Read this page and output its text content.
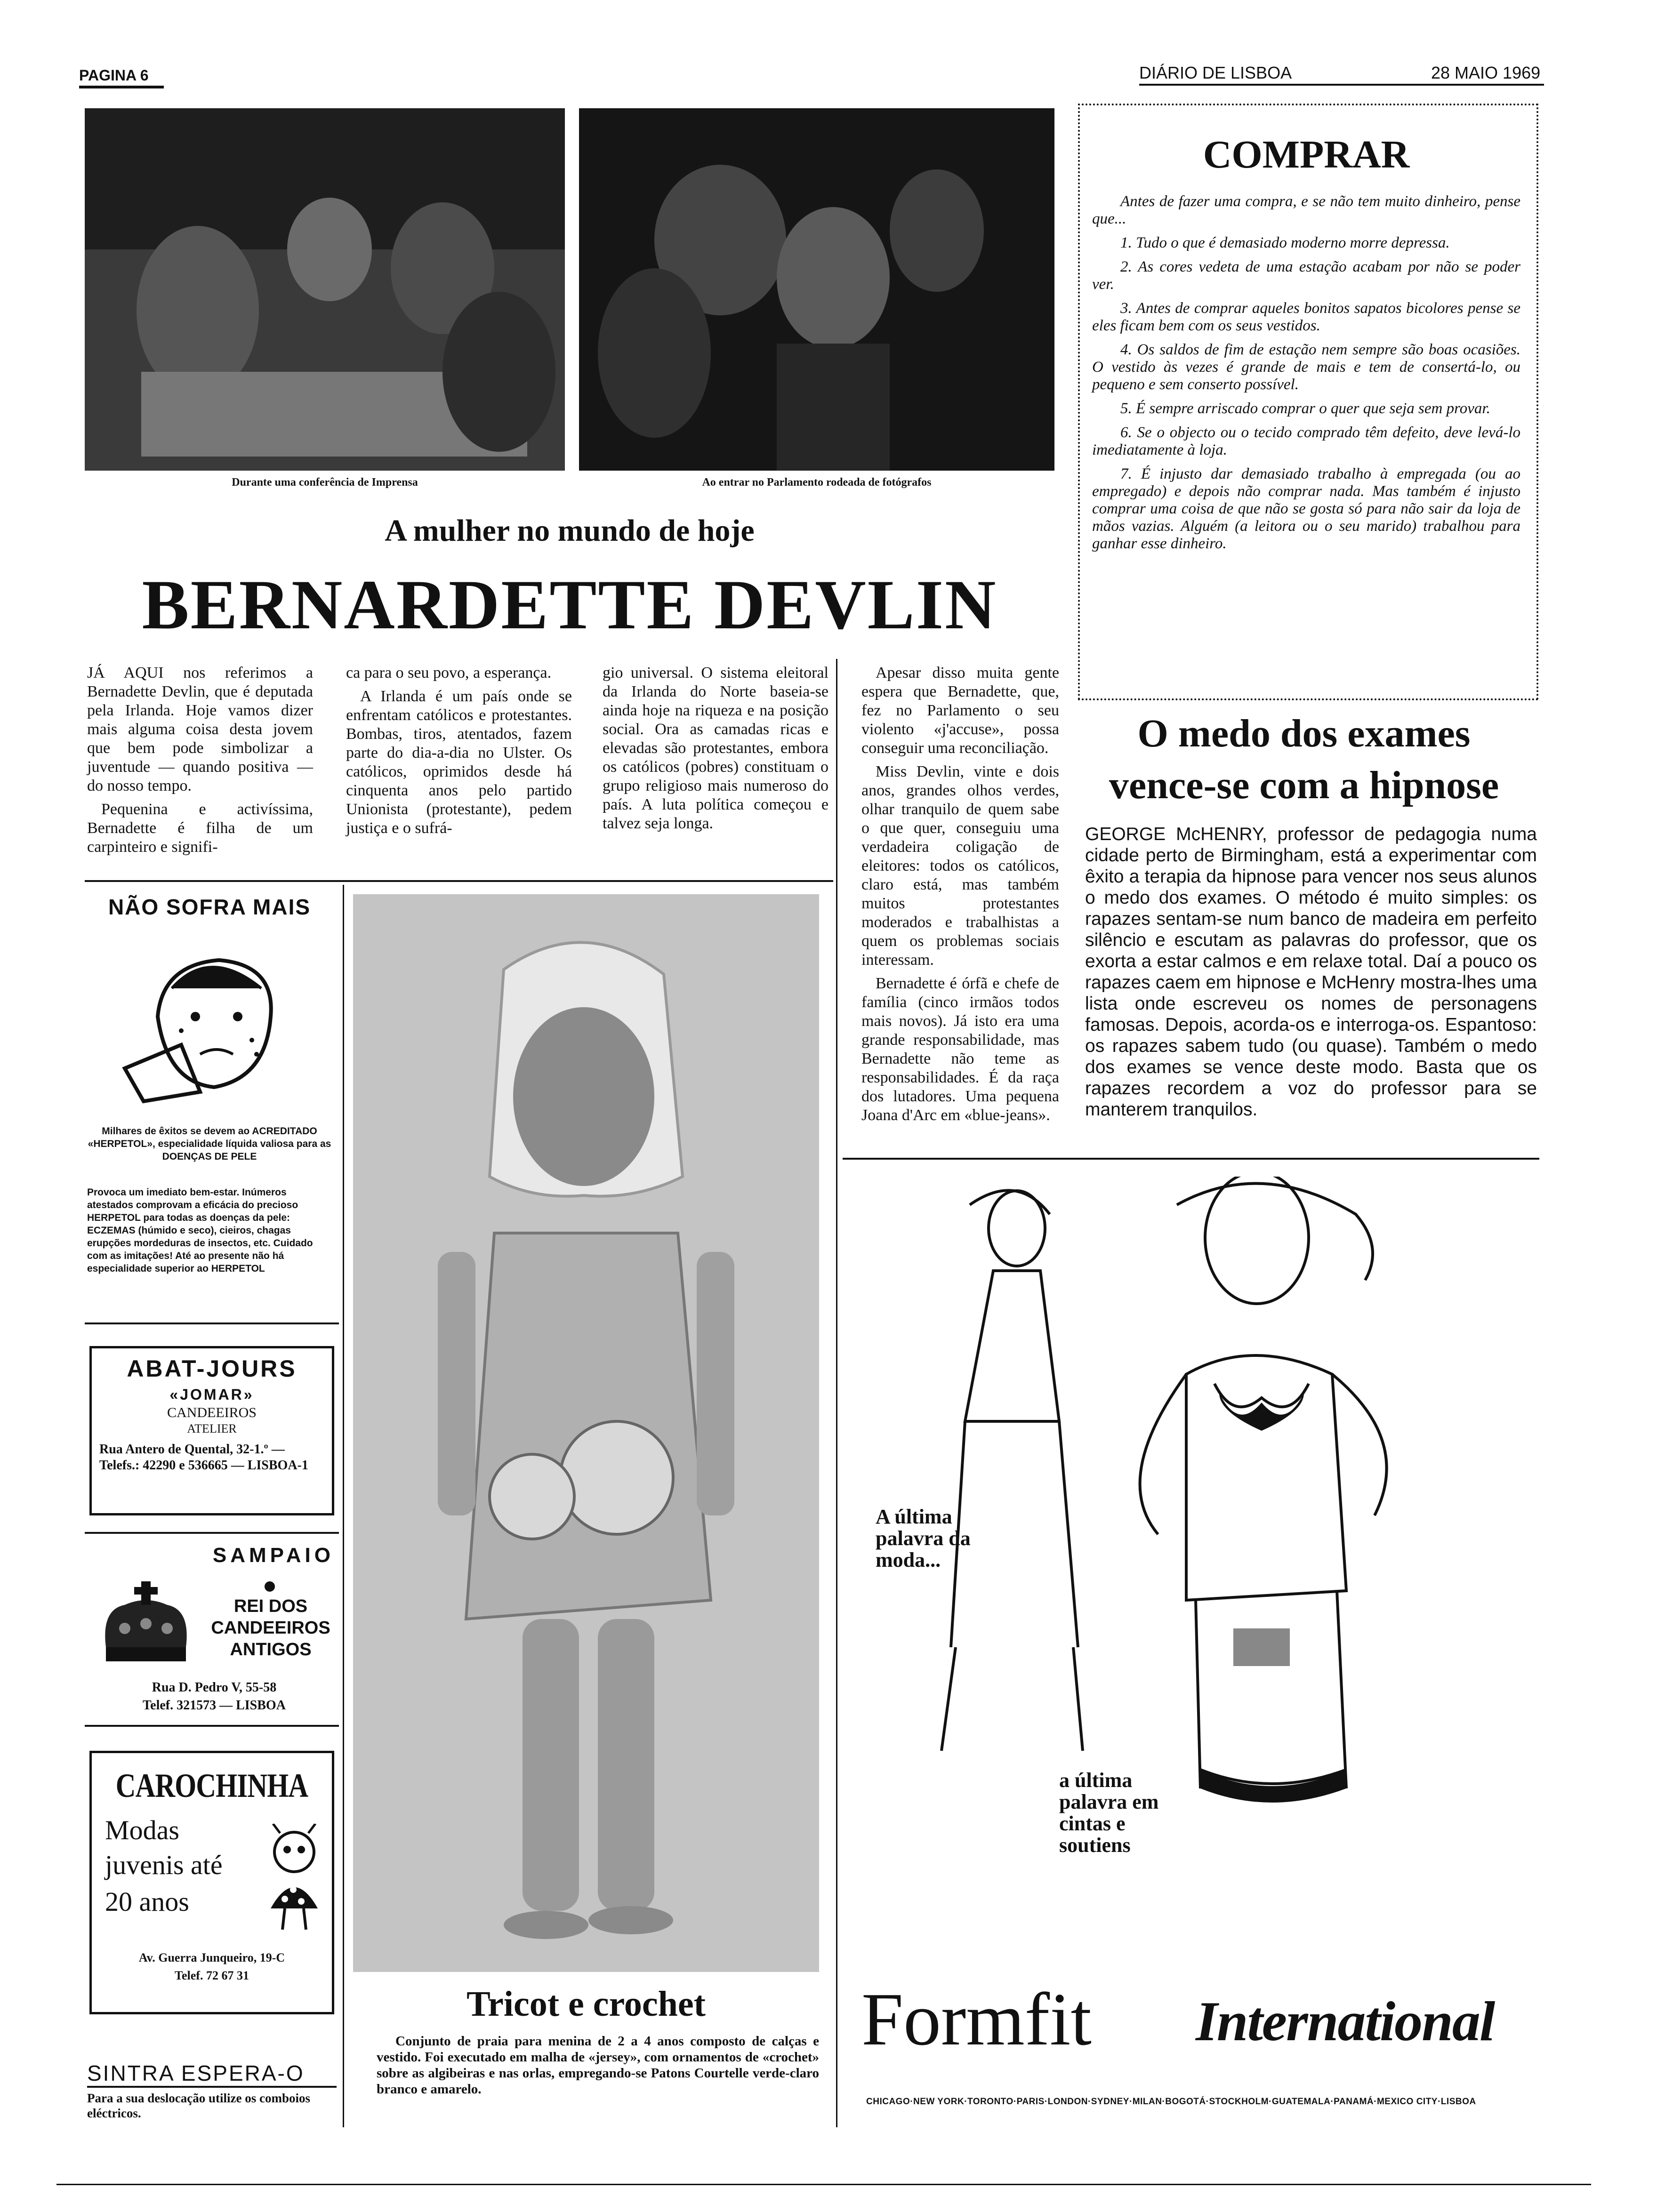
PAGINA 6	DIÁRIO DE LISBOA	28 MAIO 1969
Durante uma conferência de Imprensa	Ao entrar no Parlamento rodeada de fotógrafos
A mulher no mundo de hoje
BERNARDETTE DEVLIN

JÁ AQUI nos referimos a Bernadette Devlin, que é deputada pela Irlanda. Hoje vamos dizer mais alguma coisa desta jovem que bem pode simbolizar a juventude — quando positiva — do nosso tempo.

Pequenina e activíssima, Bernadette é filha de um carpinteiro e signifi-

ca para o seu povo, a esperança.

A Irlanda é um país onde se enfrentam católicos e protestantes. Bombas, tiros, atentados, fazem parte do dia-a-dia no Ulster. Os católicos, oprimidos desde há cinquenta anos pelo partido Unionista (protestante), pedem justiça e o sufrá-

gio universal. O sistema eleitoral da Irlanda do Norte baseia-se ainda hoje na riqueza e na posição social. Ora as camadas ricas e elevadas são protestantes, embora os católicos (pobres) constituam o grupo religioso mais numeroso do país. A luta política começou e talvez seja longa.

Apesar disso muita gente espera que Bernadette, que, fez no Parlamento o seu violento «j'accuse», possa conseguir uma reconciliação.

Miss Devlin, vinte e dois anos, grandes olhos verdes, olhar tranquilo de quem sabe o que quer, conseguiu uma verdadeira coligação de eleitores: todos os católicos, claro está, mas também muitos protestantes moderados e trabalhistas a quem os problemas sociais interessam.

Bernadette é órfã e chefe de família (cinco irmãos todos mais novos). Já isto era uma grande responsabilidade, mas Bernadette não teme as responsabilidades. É da raça dos lutadores. Uma pequena Joana d'Arc em «blue-jeans».

COMPRAR
Antes de fazer uma compra, e se não tem muito dinheiro, pense que...
1. Tudo o que é demasiado moderno morre depressa.
2. As cores vedeta de uma estação acabam por não se poder ver.
3. Antes de comprar aqueles bonitos sapatos bicolores pense se eles ficam bem com os seus vestidos.
4. Os saldos de fim de estação nem sempre são boas ocasiões. O vestido às vezes é grande de mais e tem de consertá-lo, ou pequeno e sem conserto possível.
5. É sempre arriscado comprar o quer que seja sem provar.
6. Se o objecto ou o tecido comprado têm defeito, deve levá-lo imediatamente à loja.
7. É injusto dar demasiado trabalho à empregada (ou ao empregado) e depois não comprar nada. Mas também é injusto comprar uma coisa de que não se gosta só para não sair da loja de mãos vazias. Alguém (a leitora ou o seu marido) trabalhou para ganhar esse dinheiro.
O medo dos exames
vence-se com a hipnose
GEORGE McHENRY, professor de pedagogia numa cidade perto de Birmingham, está a experimentar com êxito a terapia da hipnose para vencer nos seus alunos o medo dos exames. O método é muito simples: os rapazes sentam-se num banco de madeira em perfeito silêncio e escutam as palavras do professor, que os exorta a estar calmos e em relaxe total. Daí a pouco os rapazes caem em hipnose e McHenry mostra-lhes uma lista onde escreveu os nomes de personagens famosas. Depois, acorda-os e interroga-os. Espantoso: os rapazes sabem tudo (ou quase). Também o medo dos exames se vence deste modo. Basta que os rapazes recordem a voz do professor para se manterem tranquilos.
NÃO SOFRA MAIS
Milhares de êxitos se devem ao ACREDITADO «HERPETOL», especialidade líquida valiosa para as DOENÇAS DE PELE
Provoca um imediato bem-estar. Inúmeros atestados comprovam a eficácia do precioso HERPETOL para todas as doenças da pele: ECZEMAS (húmido e seco), cieiros, chagas erupções mordeduras de insectos, etc. Cuidado com as imitações! Até ao presente não há especialidade superior ao HERPETOL
ABAT-JOURS
«JOMAR»
CANDEEIROS
ATELIER
Rua Antero de Quental, 32-1.º — Telefs.: 42290 e 536665 — LISBOA-1
SAMPAIO
REI DOS
CANDEEIROS
ANTIGOS
Rua D. Pedro V, 55-58
Telef. 321573 — LISBOA
CAROCHINHA
Modas
juvenis até
20 anos
Av. Guerra Junqueiro, 19-C
Telef. 72 67 31
SINTRA ESPERA-O
Para a sua deslocação utilize os comboios eléctricos.
Tricot e crochet
Conjunto de praia para menina de 2 a 4 anos composto de calças e vestido. Foi executado em malha de «jersey», com ornamentos de «crochet» sobre as algibeiras e nas orlas, empregando-se Patons Courtelle verde-claro branco e amarelo.
A última palavra da moda...
a última palavra em cintas e soutiens
Formfit International
CHICAGO·NEW YORK·TORONTO·PARIS·LONDON·SYDNEY·MILAN·BOGOTÁ·STOCKHOLM·GUATEMALA·PANAMÁ·MEXICO CITY·LISBOA
